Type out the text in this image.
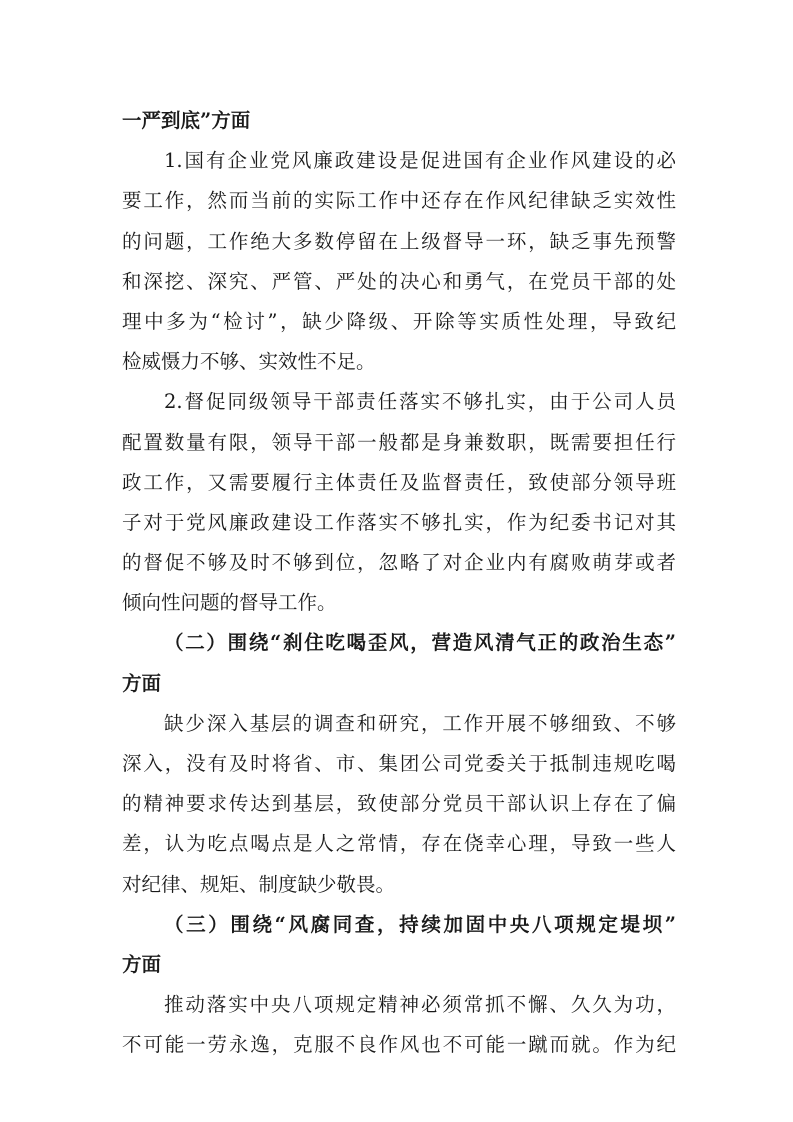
一严到底”方面
1.国有企业党风廉政建设是促进国有企业作风建设的必
要工作，然而当前的实际工作中还存在作风纪律缺乏实效性
的问题，工作绝大多数停留在上级督导一环，缺乏事先预警
和深挖、深究、严管、严处的决心和勇气，在党员干部的处
理中多为“检讨”，缺少降级、开除等实质性处理，导致纪
检威慑力不够、实效性不足。
2.督促同级领导干部责任落实不够扎实，由于公司人员
配置数量有限，领导干部一般都是身兼数职，既需要担任行
政工作，又需要履行主体责任及监督责任，致使部分领导班
子对于党风廉政建设工作落实不够扎实，作为纪委书记对其
的督促不够及时不够到位，忽略了对企业内有腐败萌芽或者
倾向性问题的督导工作。
（二）围绕“刹住吃喝歪风，营造风清气正的政治生态”
方面
缺少深入基层的调查和研究，工作开展不够细致、不够
深入，没有及时将省、市、集团公司党委关于抵制违规吃喝
的精神要求传达到基层，致使部分党员干部认识上存在了偏
差，认为吃点喝点是人之常情，存在侥幸心理，导致一些人
对纪律、规矩、制度缺少敬畏。
（三）围绕“风腐同查，持续加固中央八项规定堤坝”
方面
推动落实中央八项规定精神必须常抓不懈、久久为功，
不可能一劳永逸，克服不良作风也不可能一蹴而就。作为纪
